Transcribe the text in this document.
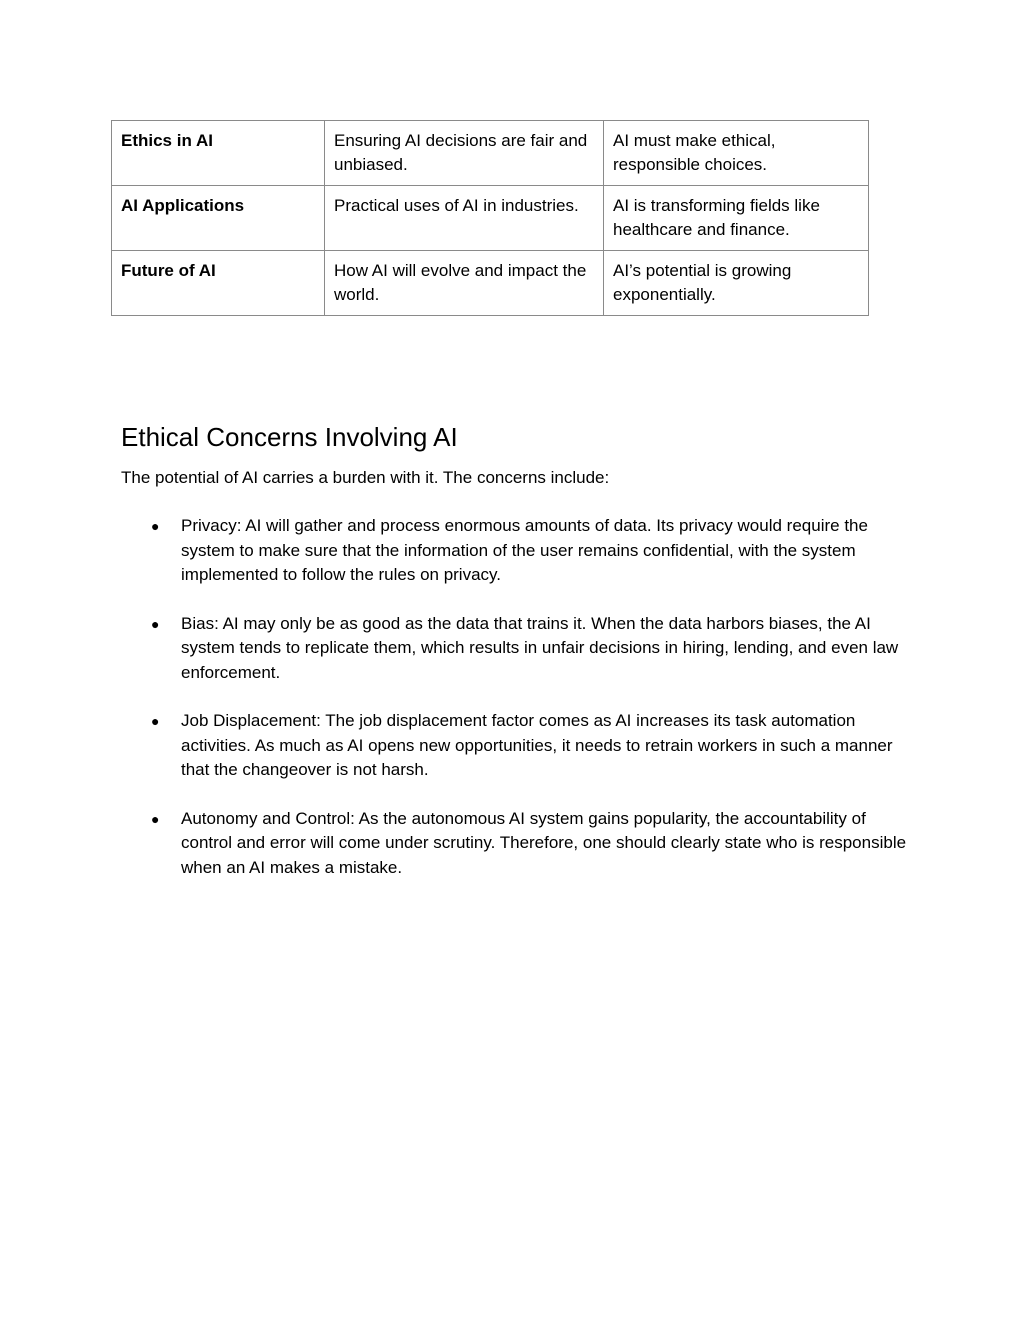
Ethics in AI	Ensuring AI decisions are fair and unbiased.	AI must make ethical, responsible choices.
AI Applications	Practical uses of AI in industries.	AI is transforming fields like healthcare and finance.
Future of AI	How AI will evolve and impact the world.	AI’s potential is growing exponentially.
Ethical Concerns Involving AI

The potential of AI carries a burden with it. The concerns include:

● Privacy: AI will gather and process enormous amounts of data. Its privacy would require the system to make sure that the information of the user remains confidential, with the system implemented to follow the rules on privacy.
● Bias: AI may only be as good as the data that trains it. When the data harbors biases, the AI system tends to replicate them, which results in unfair decisions in hiring, lending, and even law enforcement.
● Job Displacement: The job displacement factor comes as AI increases its task automation activities. As much as AI opens new opportunities, it needs to retrain workers in such a manner that the changeover is not harsh.
● Autonomy and Control: As the autonomous AI system gains popularity, the accountability of control and error will come under scrutiny. Therefore, one should clearly state who is responsible when an AI makes a mistake.
